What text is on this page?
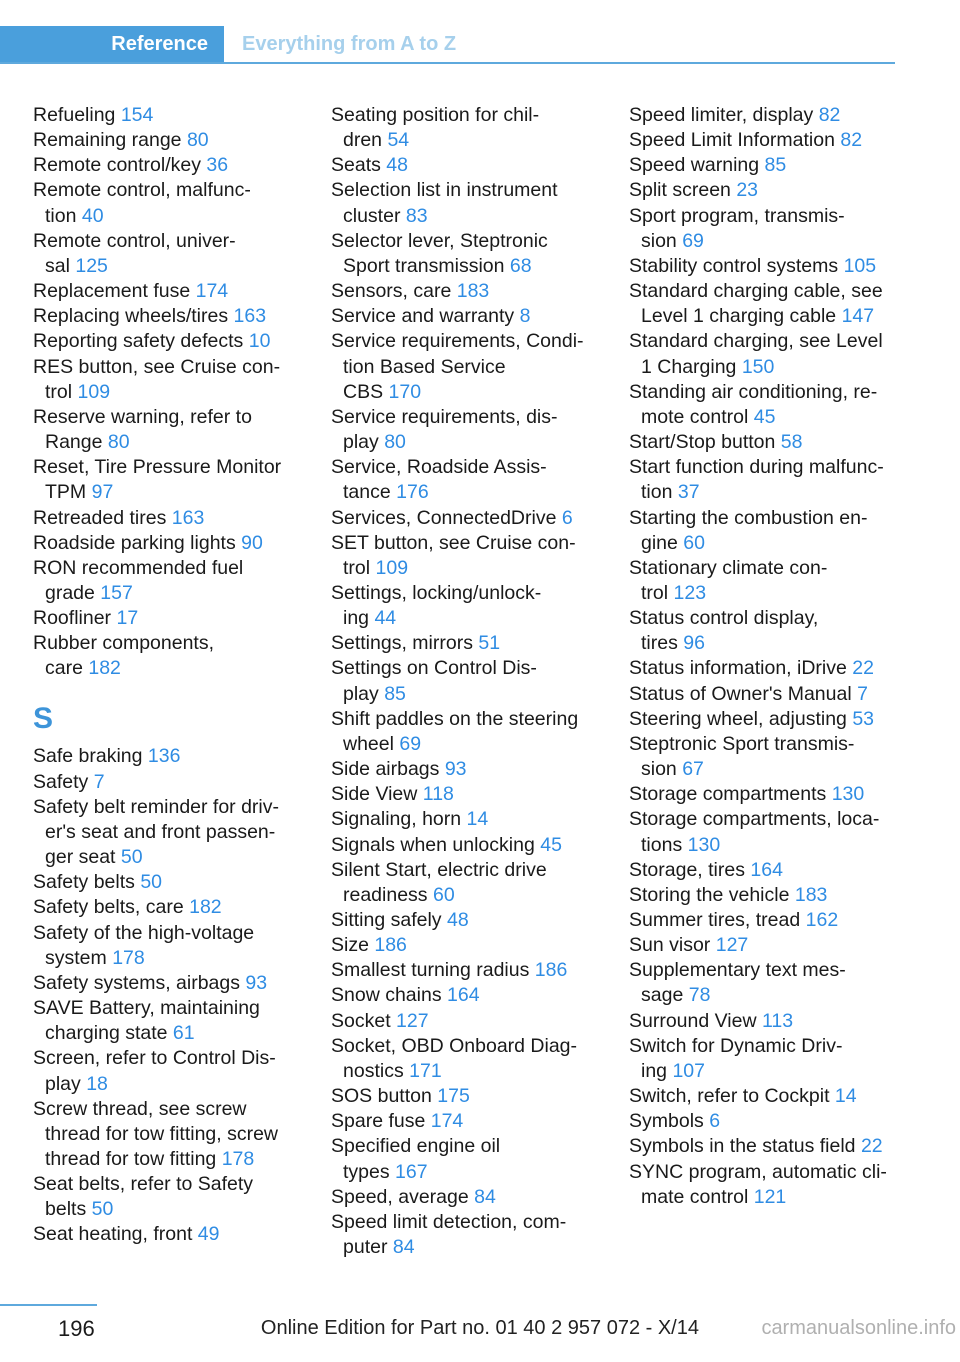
Reference	Everything from A to Z
Refueling 154
Remaining range 80
Remote control/key 36
Remote control, malfunc-
tion 40
Remote control, univer-
sal 125
Replacement fuse 174
Replacing wheels/tires 163
Reporting safety defects 10
RES button, see Cruise con-
trol 109
Reserve warning, refer to
Range 80
Reset, Tire Pressure Monitor
TPM 97
Retreaded tires 163
Roadside parking lights 90
RON recommended fuel
grade 157
Roofliner 17
Rubber components,
care 182
S
Safe braking 136
Safety 7
Safety belt reminder for driv-
er's seat and front passen-
ger seat 50
Safety belts 50
Safety belts, care 182
Safety of the high-voltage
system 178
Safety systems, airbags 93
SAVE Battery, maintaining
charging state 61
Screen, refer to Control Dis-
play 18
Screw thread, see screw
thread for tow fitting, screw
thread for tow fitting 178
Seat belts, refer to Safety
belts 50
Seat heating, front 49
Seating position for chil-
dren 54
Seats 48
Selection list in instrument
cluster 83
Selector lever, Steptronic
Sport transmission 68
Sensors, care 183
Service and warranty 8
Service requirements, Condi-
tion Based Service
CBS 170
Service requirements, dis-
play 80
Service, Roadside Assis-
tance 176
Services, ConnectedDrive 6
SET button, see Cruise con-
trol 109
Settings, locking/unlock-
ing 44
Settings, mirrors 51
Settings on Control Dis-
play 85
Shift paddles on the steering
wheel 69
Side airbags 93
Side View 118
Signaling, horn 14
Signals when unlocking 45
Silent Start, electric drive
readiness 60
Sitting safely 48
Size 186
Smallest turning radius 186
Snow chains 164
Socket 127
Socket, OBD Onboard Diag-
nostics 171
SOS button 175
Spare fuse 174
Specified engine oil
types 167
Speed, average 84
Speed limit detection, com-
puter 84
Speed limiter, display 82
Speed Limit Information 82
Speed warning 85
Split screen 23
Sport program, transmis-
sion 69
Stability control systems 105
Standard charging cable, see
Level 1 charging cable 147
Standard charging, see Level
1 Charging 150
Standing air conditioning, re-
mote control 45
Start/Stop button 58
Start function during malfunc-
tion 37
Starting the combustion en-
gine 60
Stationary climate con-
trol 123
Status control display,
tires 96
Status information, iDrive 22
Status of Owner's Manual 7
Steering wheel, adjusting 53
Steptronic Sport transmis-
sion 67
Storage compartments 130
Storage compartments, loca-
tions 130
Storage, tires 164
Storing the vehicle 183
Summer tires, tread 162
Sun visor 127
Supplementary text mes-
sage 78
Surround View 113
Switch for Dynamic Driv-
ing 107
Switch, refer to Cockpit 14
Symbols 6
Symbols in the status field 22
SYNC program, automatic cli-
mate control 121
196	Online Edition for Part no. 01 40 2 957 072 - X/14	carmanualsonline.info
